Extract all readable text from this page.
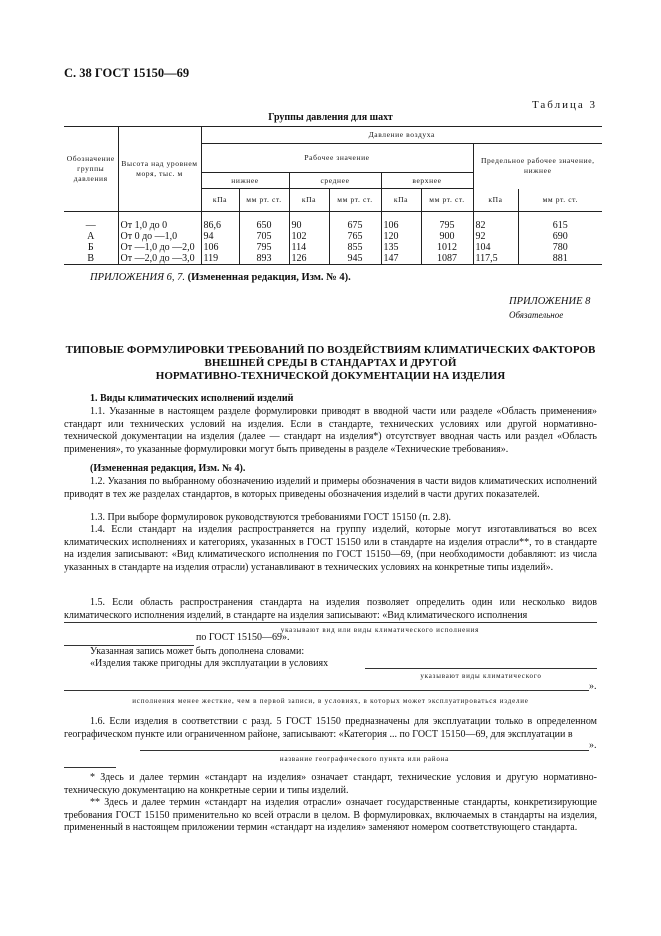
С. 38 ГОСТ 15150—69
Таблица 3
Группы давления для шахт
Обозначение группы давления	Высота над уровнем моря, тыс. м	Давление воздуха							
		Рабочее значение						Предельное рабочее значение, нижнее	
		нижнее		среднее		верхнее			
		кПа	мм рт. ст.	кПа	мм рт. ст.	кПа	мм рт. ст.	кПа	мм рт. ст.

—	От 1,0 до 0	86,6	650	90	675	106	795	82	615
А	От 0 до —1,0	94	705	102	765	120	900	92	690
Б	От —1,0 до —2,0	106	795	114	855	135	1012	104	780
В	От —2,0 до —3,0	119	893	126	945	147	1087	117,5	881
ПРИЛОЖЕНИЯ 6, 7. (Измененная редакция, Изм. № 4).
ПРИЛОЖЕНИЕ 8
Обязательное
ТИПОВЫЕ ФОРМУЛИРОВКИ ТРЕБОВАНИЙ ПО ВОЗДЕЙСТВИЯМ КЛИМАТИЧЕСКИХ ФАКТОРОВ
ВНЕШНЕЙ СРЕДЫ В СТАНДАРТАХ И ДРУГОЙ
НОРМАТИВНО-ТЕХНИЧЕСКОЙ ДОКУМЕНТАЦИИ НА ИЗДЕЛИЯ
1. Виды климатических исполнений изделий
1.1. Указанные в настоящем разделе формулировки приводят в вводной части или разделе «Область применения» стандарт или технических условий на изделия. Если в стандарте, технических условиях или другой нормативно-технической документации на изделия (далее — стандарт на изделия*) отсутствует вводная часть или раздел «Область применения», то указанные формулировки могут быть приведены в разделе «Технические требования».
(Измененная редакция, Изм. № 4).
1.2. Указания по выбранному обозначению изделий и примеры обозначения в части видов климатических исполнений приводят в тех же разделах стандартов, в которых приведены обозначения изделий в части других показателей.
1.3. При выборе формулировок руководствуются требованиями ГОСТ 15150 (п. 2.8).
1.4. Если стандарт на изделия распространяется на группу изделий, которые могут изготавливаться во всех климатических исполнениях и категориях, указанных в ГОСТ 15150 или в стандарте на изделия отрасли**, то в стандарте на изделия записывают: «Вид климатического исполнения по ГОСТ 15150—69, (при необходимости добавляют: из числа указанных в стандарте на изделия отрасли) устанавливают в технических условиях на конкретные типы изделий».
1.5. Если область распространения стандарта на изделия позволяет определить один или несколько видов климатического исполнения изделий, в стандарте на изделия записывают: «Вид климатического исполнения
указывают вид или виды климатического исполнения
по ГОСТ 15150—69».
Указанная запись может быть дополнена словами:
«Изделия также пригодны для эксплуатации в условиях
указывают виды климатического
».
исполнения менее жесткие, чем в первой записи, в условиях, в которых может эксплуатироваться изделие
1.6. Если изделия в соответствии с разд. 5 ГОСТ 15150 предназначены для эксплуатации только в определенном географическом пункте или ограниченном районе, записывают: «Категория ... по ГОСТ 15150—69, для эксплуатации в
».
название географического пункта или района
* Здесь и далее термин «стандарт на изделия» означает стандарт, технические условия и другую нормативно-техническую документацию на конкретные серии и типы изделий.
** Здесь и далее термин «стандарт на изделия отрасли» означает государственные стандарты, конкретизирующие требования ГОСТ 15150 применительно ко всей отрасли в целом. В формулировках, включаемых в стандарты на изделия, примененный в настоящем приложении термин «стандарт на изделия» заменяют номером соответствующего стандарта.
